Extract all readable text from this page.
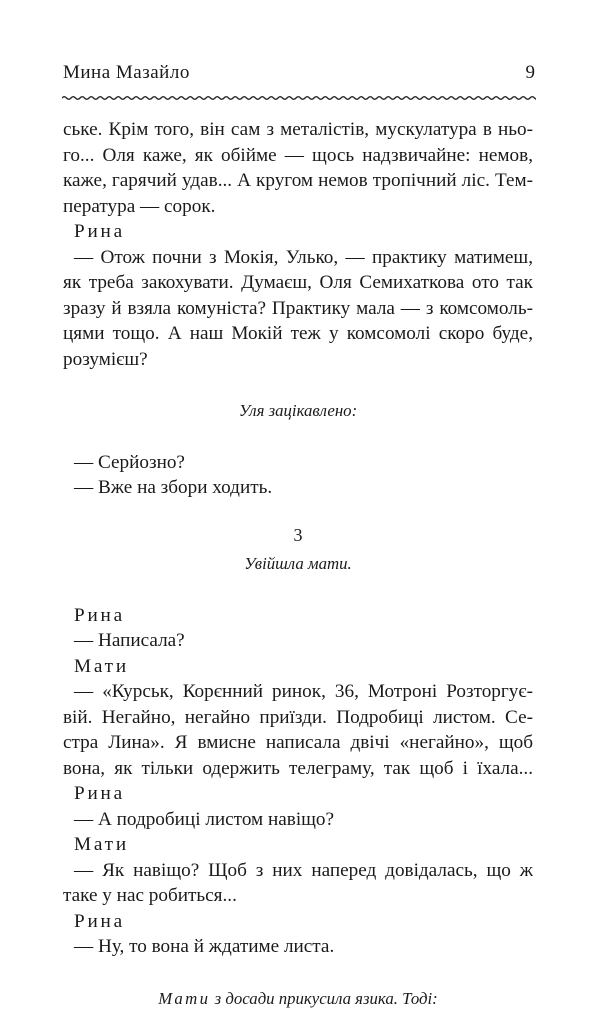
Мина Мазайло	9

ське. Крім того, він сам з металістів, мускулатура в ньо-

го... Оля каже, як обійме — щось надзвичайне: немов,

каже, гарячий удав... А кругом немов тропічний ліс. Тем-

пература — сорок.

Рина

— Отож почни з Мокія, Улько, — практику матимеш,

як треба закохувати. Думаєш, Оля Семихаткова ото так

зразу й взяла комуніста? Практику мала — з комсомоль-

цями тощо. А наш Мокій теж у комсомолі скоро буде,

розумієш?

Уля зацікавлено:

— Серйозно?

— Вже на збори ходить.

3

Увійшла мати.

Рина

— Написала?

Мати

— «Курськ, Корєнний ринок, 36, Мотроні Розторгує-

вій. Негайно, негайно приїзди. Подробиці листом. Се-

стра Лина». Я вмисне написала двічі «негайно», щоб

вона, як тільки одержить телеграму, так щоб і їхала...

Рина

— А подробиці листом навіщо?

Мати

— Як навіщо? Щоб з них наперед довідалась, що ж

таке у нас робиться...

Рина

— Ну, то вона й ждатиме листа.

Мати з досади прикусила язика. Тоді:
